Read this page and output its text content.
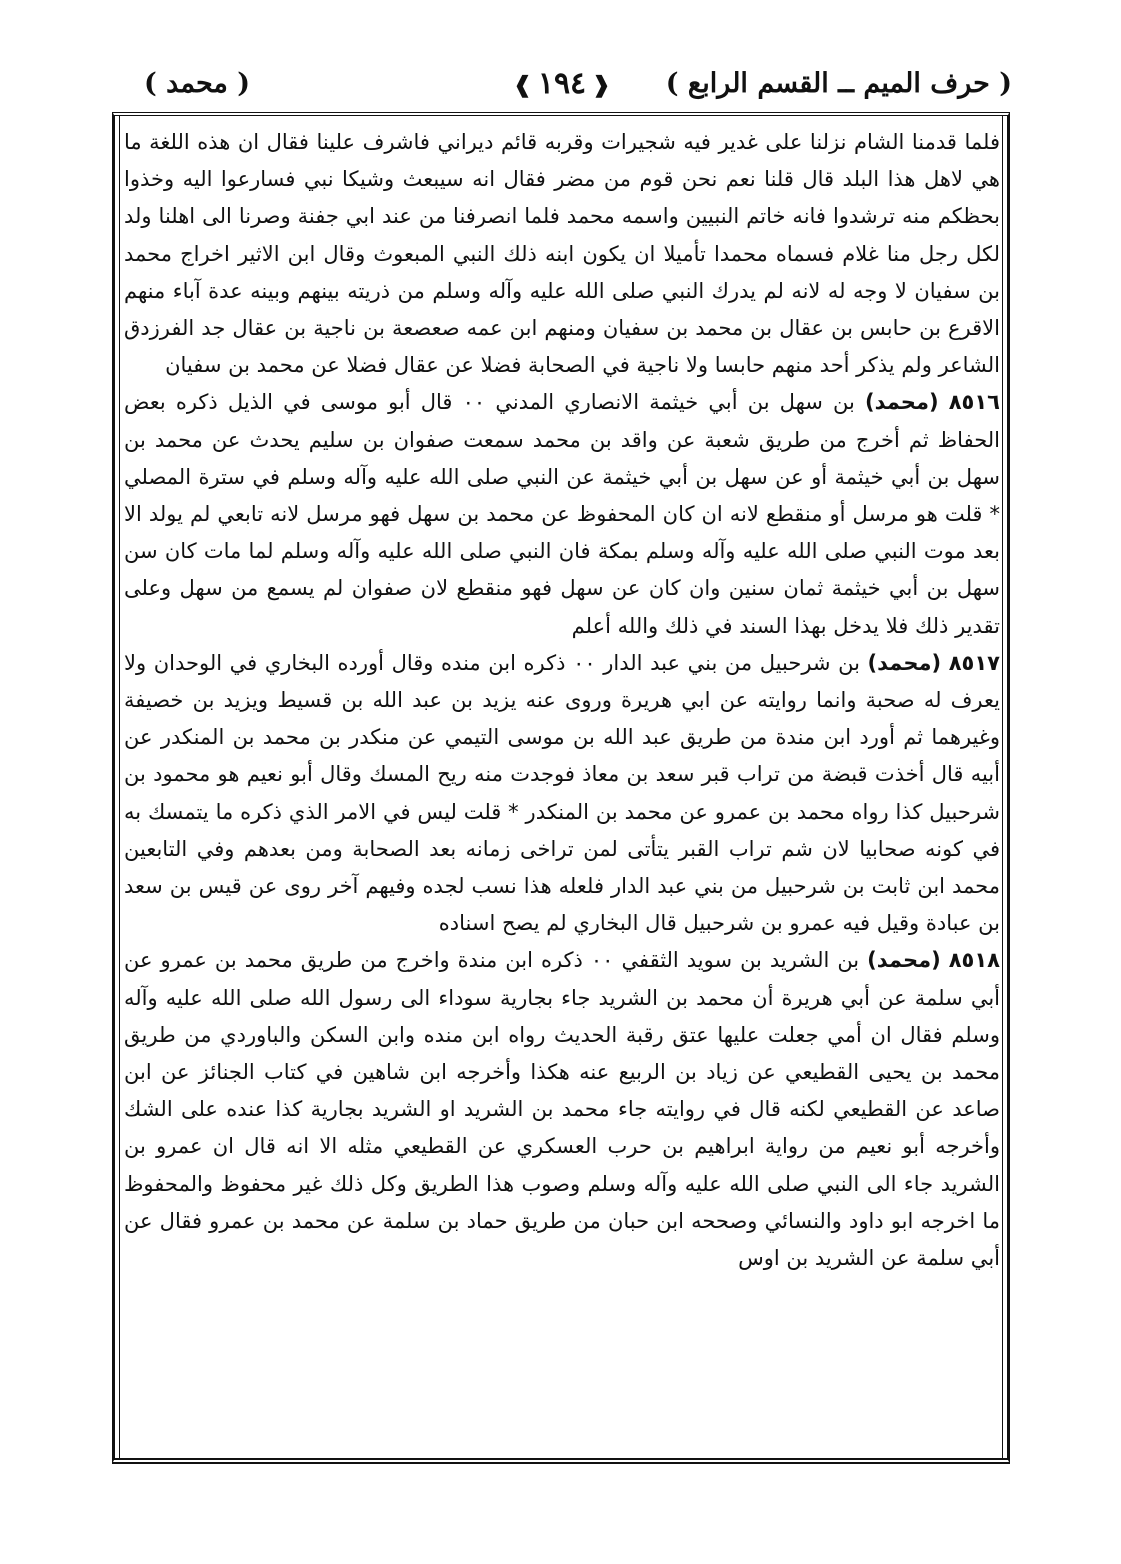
( حرف الميم ــ القسم الرابع )
❰ ١٩٤ ❱
( محمد )

فلما قدمنا الشام نزلنا على غدير فيه شجيرات وقربه قائم ديراني فاشرف علينا فقال ان هذه اللغة ما هي لاهل هذا البلد قال قلنا نعم نحن قوم من مضر فقال انه سيبعث وشيكا نبي فسارعوا اليه وخذوا بحظكم منه ترشدوا فانه خاتم النبيين واسمه محمد فلما انصرفنا من عند ابي جفنة وصرنا الى اهلنا ولد لكل رجل منا غلام فسماه محمدا تأميلا ان يكون ابنه ذلك النبي المبعوث وقال ابن الاثير اخراج محمد بن سفيان لا وجه له لانه لم يدرك النبي صلى الله عليه وآله وسلم من ذريته بينهم وبينه عدة آباء منهم الاقرع بن حابس بن عقال بن محمد بن سفيان ومنهم ابن عمه صعصعة بن ناجية بن عقال جد الفرزدق الشاعر ولم يذكر أحد منهم حابسا ولا ناجية في الصحابة فضلا عن عقال فضلا عن محمد بن سفيان

٨٥١٦ (محمد) بن سهل بن أبي خيثمة الانصاري المدني ٠٠ قال أبو موسى في الذيل ذكره بعض الحفاظ ثم أخرج من طريق شعبة عن واقد بن محمد سمعت صفوان بن سليم يحدث عن محمد بن سهل بن أبي خيثمة أو عن سهل بن أبي خيثمة عن النبي صلى الله عليه وآله وسلم في سترة المصلي * قلت هو مرسل أو منقطع لانه ان كان المحفوظ عن محمد بن سهل فهو مرسل لانه تابعي لم يولد الا بعد موت النبي صلى الله عليه وآله وسلم بمكة فان النبي صلى الله عليه وآله وسلم لما مات كان سن سهل بن أبي خيثمة ثمان سنين وان كان عن سهل فهو منقطع لان صفوان لم يسمع من سهل وعلى تقدير ذلك فلا يدخل بهذا السند في ذلك والله أعلم

٨٥١٧ (محمد) بن شرحبيل من بني عبد الدار ٠٠ ذكره ابن منده وقال أورده البخاري في الوحدان ولا يعرف له صحبة وانما روايته عن ابي هريرة وروى عنه يزيد بن عبد الله بن قسيط ويزيد بن خصيفة وغيرهما ثم أورد ابن مندة من طريق عبد الله بن موسى التيمي عن منكدر بن محمد بن المنكدر عن أبيه قال أخذت قبضة من تراب قبر سعد بن معاذ فوجدت منه ريح المسك وقال أبو نعيم هو محمود بن شرحبيل كذا رواه محمد بن عمرو عن محمد بن المنكدر * قلت ليس في الامر الذي ذكره ما يتمسك به في كونه صحابيا لان شم تراب القبر يتأتى لمن تراخى زمانه بعد الصحابة ومن بعدهم وفي التابعين محمد ابن ثابت بن شرحبيل من بني عبد الدار فلعله هذا نسب لجده وفيهم آخر روى عن قيس بن سعد بن عبادة وقيل فيه عمرو بن شرحبيل قال البخاري لم يصح اسناده

٨٥١٨ (محمد) بن الشريد بن سويد الثقفي ٠٠ ذكره ابن مندة واخرج من طريق محمد بن عمرو عن أبي سلمة عن أبي هريرة أن محمد بن الشريد جاء بجارية سوداء الى رسول الله صلى الله عليه وآله وسلم فقال ان أمي جعلت عليها عتق رقبة الحديث رواه ابن منده وابن السكن والباوردي من طريق محمد بن يحيى القطيعي عن زياد بن الربيع عنه هكذا وأخرجه ابن شاهين في كتاب الجنائز عن ابن صاعد عن القطيعي لكنه قال في روايته جاء محمد بن الشريد او الشريد بجارية كذا عنده على الشك وأخرجه أبو نعيم من رواية ابراهيم بن حرب العسكري عن القطيعي مثله الا انه قال ان عمرو بن الشريد جاء الى النبي صلى الله عليه وآله وسلم وصوب هذا الطريق وكل ذلك غير محفوظ والمحفوظ ما اخرجه ابو داود والنسائي وصححه ابن حبان من طريق حماد بن سلمة عن محمد بن عمرو فقال عن أبي سلمة عن الشريد بن اوس
